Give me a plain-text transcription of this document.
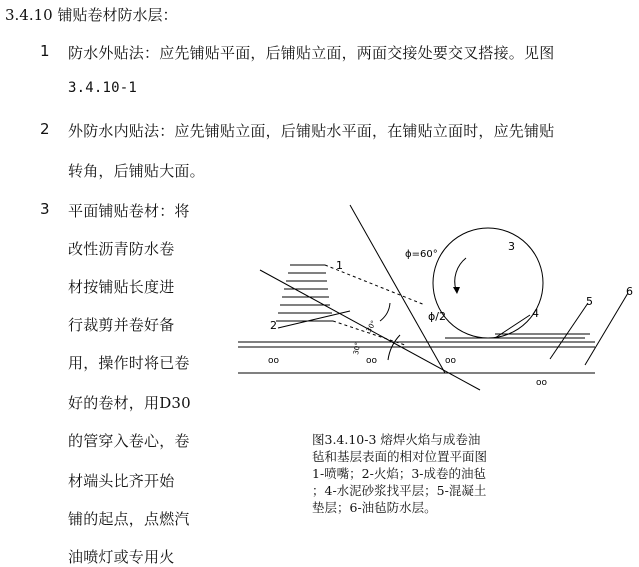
3.4.10 铺贴卷材防水层：
1 防水外贴法：应先铺贴平面，后铺贴立面，两面交接处要交叉搭接。见图
3.4.10-1
2 外防水内贴法：应先铺贴立面，后铺贴水平面，在铺贴立面时，应先铺贴
转角，后铺贴大面。
3 平面铺贴卷材：将
改性沥青防水卷
材按铺贴长度进
行裁剪并卷好备
用，操作时将已卷
好的卷材，用D30
的管穿入卷心，卷
材端头比齐开始
铺的起点，点燃汽
油喷灯或专用火
1
2
3
4
5
6
ϕ=60°
ϕ/2
30°
30°
oo	oo	oo
oo
图3.4.10-3 熔焊火焰与成卷油
毡和基层表面的相对位置平面图
1-喷嘴；2-火焰；3-成卷的油毡
；4-水泥砂浆找平层；5-混凝土
垫层；6-油毡防水层。
